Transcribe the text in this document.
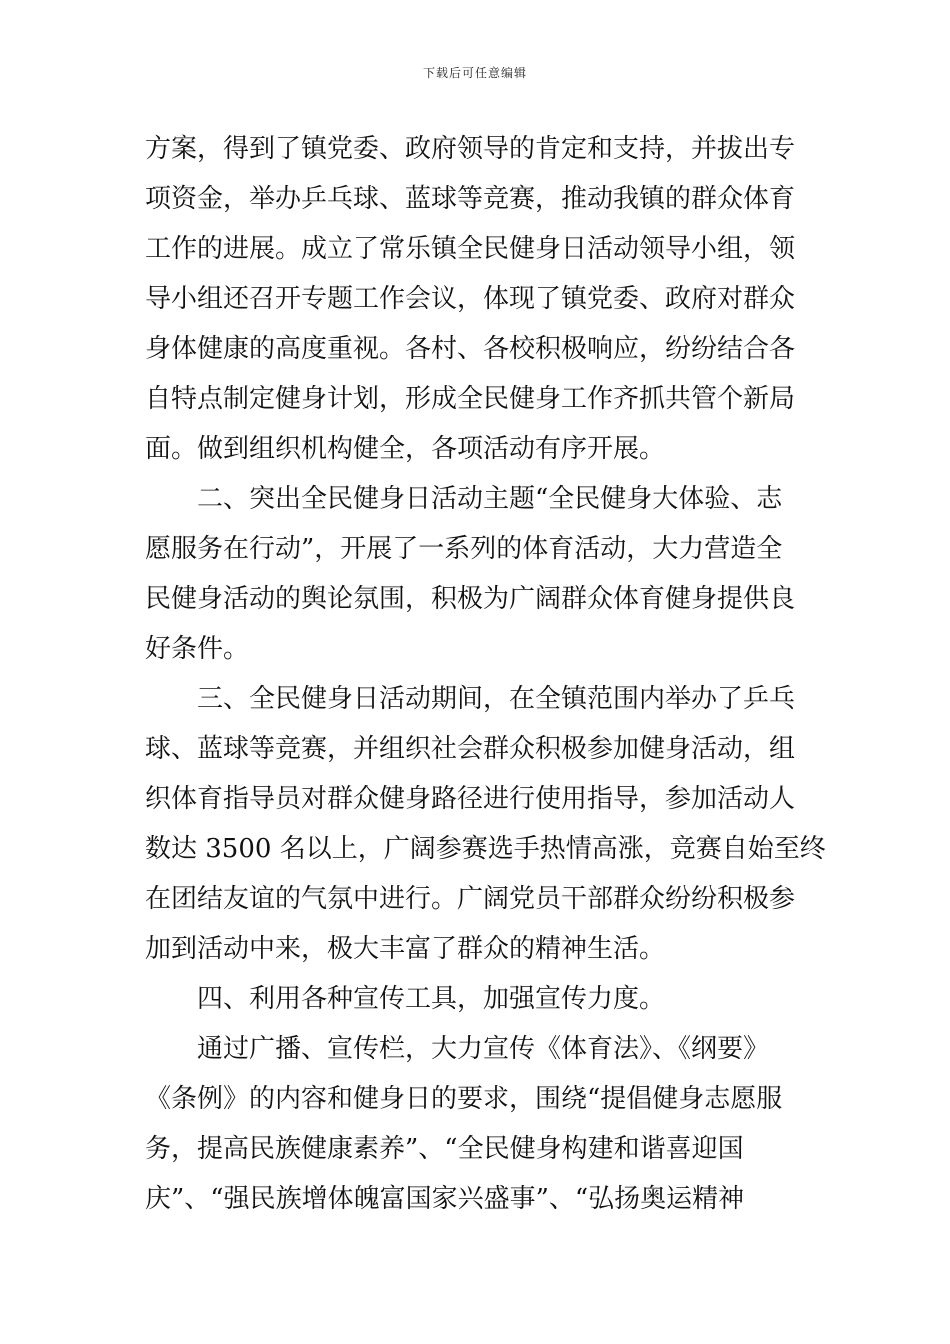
下载后可任意编辑
方案，得到了镇党委、政府领导的肯定和支持，并拔出专
项资金，举办乒乓球、蓝球等竞赛，推动我镇的群众体育
工作的进展。成立了常乐镇全民健身日活动领导小组，领
导小组还召开专题工作会议，体现了镇党委、政府对群众
身体健康的高度重视。各村、各校积极响应，纷纷结合各
自特点制定健身计划，形成全民健身工作齐抓共管个新局
面。做到组织机构健全，各项活动有序开展。
二、突出全民健身日活动主题“全民健身大体验、志
愿服务在行动”，开展了一系列的体育活动，大力营造全
民健身活动的舆论氛围，积极为广阔群众体育健身提供良
好条件。
三、全民健身日活动期间，在全镇范围内举办了乒乓
球、蓝球等竞赛，并组织社会群众积极参加健身活动，组
织体育指导员对群众健身路径进行使用指导，参加活动人
数达 3500 名以上，广阔参赛选手热情高涨，竞赛自始至终
在团结友谊的气氛中进行。广阔党员干部群众纷纷积极参
加到活动中来，极大丰富了群众的精神生活。
四、利用各种宣传工具，加强宣传力度。
通过广播、宣传栏，大力宣传《体育法》、《纲要》
《条例》的内容和健身日的要求，围绕“提倡健身志愿服
务，提高民族健康素养”、“全民健身构建和谐喜迎国
庆”、“强民族增体魄富国家兴盛事”、“弘扬奥运精神
